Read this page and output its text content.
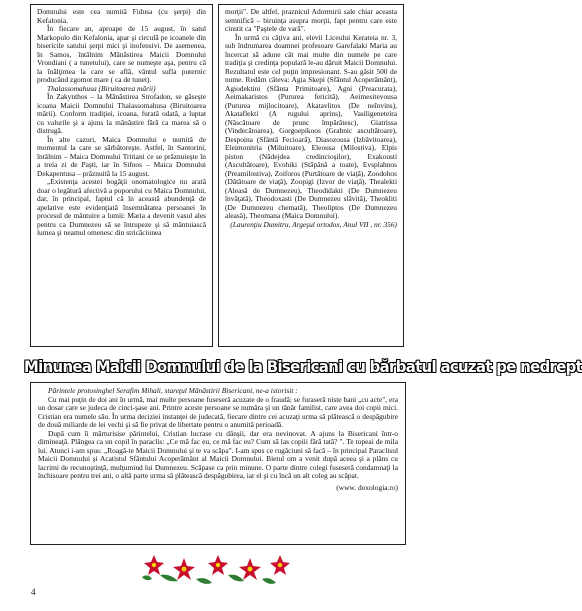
Domnului este cea numită Fidusa (cu şerpi) din Kefalonia.

În fiecare an, aproape de 15 august, în satul Markopulo din Kefalonia, apar şi circulă pe icoanele din bisericile satului şerpi mici şi inofensivi. De asemenea, în Samos, întâlnim Mănăstirea Maicii Domnului Vrondiani ( a tunetului), care se numeşte aşa, pentru că la înălţimea la care se află, vântul sufla puternic producând zgomot mare ( ca de tunet).

Thalassomahusa (Biruitoarea mării)

În Zakynthos – la Mănăstirea Strofadon, se găseşte icoana Maicii Domnului Thalassomahusa (Biruitoarea mării). Conform tradiţiei, icoana, furată odată, a luptat cu valurile şi a ajuns la mănăstire fără ca marea să o distrugă.

În alte cazuri, Maica Domnului e numită de momentul la care se sărbătoreşte. Astfel, în Santorini, întâlnim – Maica Domnului Tritiani ce se prăznuieşte în a treia zi de Paşti, iar în Sifnos – Maica Domnului Dekapentusa – prăznuită la 15 august.

„Existenţa acestei bogăţii onomatologice nu arată doar o legătură afectivă a poporului cu Maica Domnului, dar, în principal, faptul că în această abundenţă de apelative este evidenţiată însemnătatea persoanei în procesul de mântuire a lumii: Maria a devenit vasul ales pentru ca Dumnezeu să se întrupeze şi să mântuiască lumea şi neamul omenesc din stricăciunea

morţii". De altfel, praznicul Adormirii sale chiar aceasta semnifică – biruinţa asupra morţii, fapt pentru care este cinstit ca "Paştele de vară".

În urmă cu câţiva ani, elevii Liceului Kerateia nr. 3, sub îndrumarea doamnei profesoare Garefalaki Maria au încercat să adune cât mai multe din numele pe care tradiţia şi credinţa populară le-au dăruit Maicii Domnului. Rezultatul este cel puţin impresionant. S-au găsit 500 de nume. Redăm câteva: Agia Skepi (Sfântul Acoperământ), Agiodektini (Sfânta Primitoare), Agni (Preacurata), Aeimakaristos (Pururea fericită), Aeimesitevousa (Pururea mijlocitoare), Akatavlitos (De neînvins), Akataflekti (A rugului aprins), Vasiligeneteira (Născătoare de prunc împărătesc), Giatrissa (Vindecătoarea), Gorgoepikoos (Grabnic ascultătoare), Despoina (Sfântă Fecioară), Diasozousa (Izbăvitoarea), Eleimonitria (Miluitoare), Eleousa (Milostiva), Elpis piston (Nădejdea credincioşilor), Exakousti (Ascultătoare), Evohiki (Stăpână a toate), Evsplahnos (Preamilostiva), Zoiforos (Purtătoare de viaţă), Zoodohos (Dătătoare de viaţă), Zoopigi (Izvor de viaţă), Thealekti (Aleasă de Dumnezeu), Theodidakti (De Dumnezeu învăţată), Theodoxasti (De Dumnezeu slăvită), Theokliti (De Dumnezeu chemată), Theoliptos (De Dumnezeu aleasă), Theomana (Maica Domnului).

(Laurenţiu Dumitru, Argeşul ortodox, Anul VII , nr. 356)

Minunea Maicii Domnului de la Bisericani cu bărbatul acuzat pe nedrept

Părintele protosinghel Serafim Mihali, stareţul Mănăstirii Bisericani, ne-a istorisit :

Cu mai puţin de doi ani în urmă, mai multe persoane fuseseră acuzate de o fraudă; se furaseră niste bani „cu acte", era un dosar care se judeca de cinci-şase ani. Printre aceste persoane se număra şi un tânăr familist, care avea doi copii mici. Cristian era numele său. În urma deciziei instanţei de judecată, fiecare dintre cei acuzaţi urma să plătească o despăgubire de două miliarde de lei vechi şi să fie privat de libertate pentru o anumită perioadă.

După cum îi mărturisise părintelui, Cristian lucrase cu dânşii, dar era nevinovat. A ajuns la Bisericani într-o dimineaţă. Plângea ca un copil în paraclis: „Ce mă fac eu, ce mă fac eu? Cum să las copiii fără tată? ". Te topeai de mila lui. Atunci i-am spus: „Roagă-te Maicii Domnului şi te va scăpa". I-am spus ce rugăciuni să facă – în principal Paraclisul Maicii Domnului şi Acatistul Sfântului Acoperământ al Maicii Domnului. Bietul om a venit după aceea şi a plâns cu lacrimi de recunoştinţă, mulţumind lui Dumnezeu. Scăpase ca prin minune. O parte dintre colegi fuseseră condamnaţi la închisoare pentru trei ani, o altă parte urma să plătească despăgubirea, iar el şi cu încă un alt coleg au scăpat.

(www. doxologia.ro)

4
